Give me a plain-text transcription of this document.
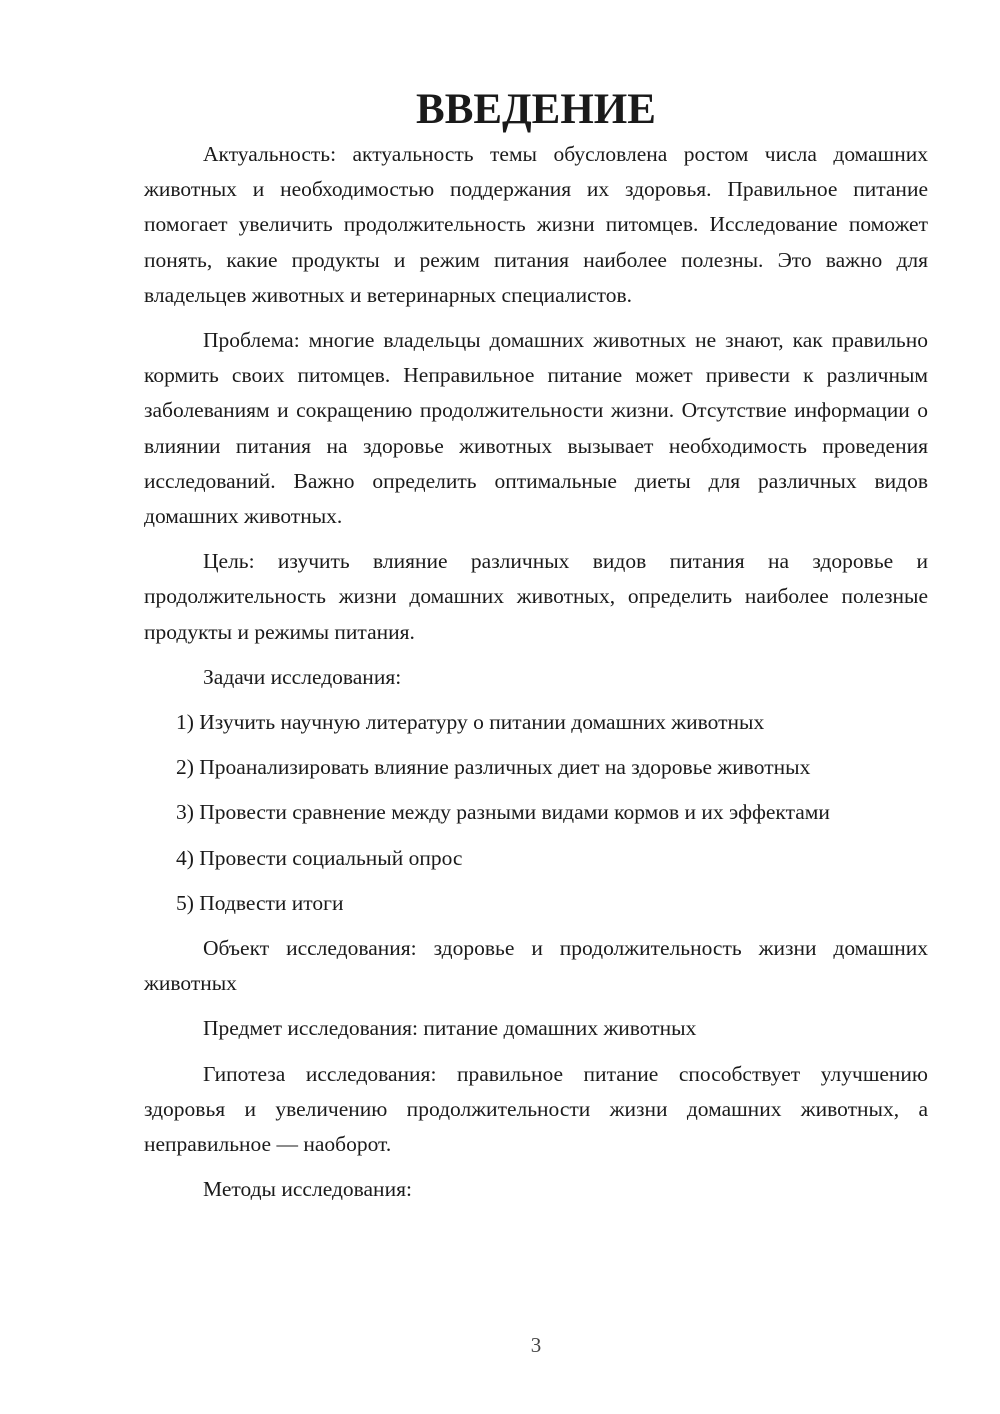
ВВЕДЕНИЕ

Актуальность: актуальность темы обусловлена ростом числа домашних животных и необходимостью поддержания их здоровья. Правильное питание помогает увеличить продолжительность жизни питомцев. Исследование поможет понять, какие продукты и режим питания наиболее полезны. Это важно для владельцев животных и ветеринарных специалистов.

Проблема: многие владельцы домашних животных не знают, как правильно кормить своих питомцев. Неправильное питание может привести к различным заболеваниям и сокращению продолжительности жизни. Отсутствие информации о влиянии питания на здоровье животных вызывает необходимость проведения исследований. Важно определить оптимальные диеты для различных видов домашних животных.

Цель: изучить влияние различных видов питания на здоровье и продолжительность жизни домашних животных, определить наиболее полезные продукты и режимы питания.

Задачи исследования:

1) Изучить научную литературу о питании домашних животных
2) Проанализировать влияние различных диет на здоровье животных
3) Провести сравнение между разными видами кормов и их эффектами
4) Провести социальный опрос
5) Подвести итоги

Объект исследования: здоровье и продолжительность жизни домашних животных

Предмет исследования: питание домашних животных

Гипотеза исследования: правильное питание способствует улучшению здоровья и увеличению продолжительности жизни домашних животных, а неправильное — наоборот.

Методы исследования:

3
